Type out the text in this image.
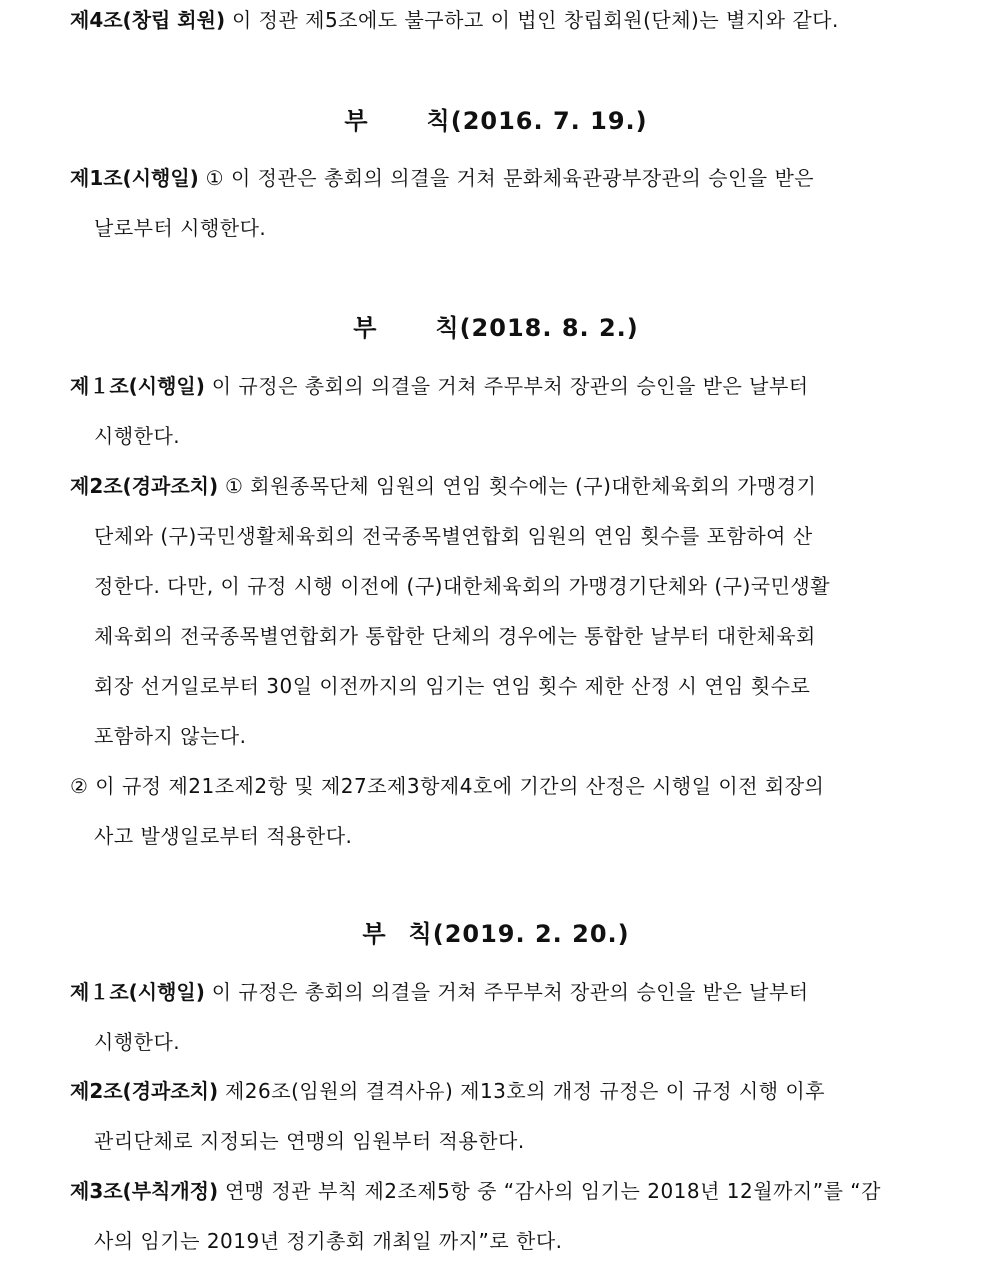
제4조(창립 회원) 이 정관 제5조에도 불구하고 이 법인 창립회원(단체)는 별지와 같다.
부 칙(2016. 7. 19.)
제1조(시행일) ① 이 정관은 총회의 의결을 거쳐 문화체육관광부장관의 승인을 받은
날로부터 시행한다.
부 칙(2018. 8. 2.)
제１조(시행일) 이 규정은 총회의 의결을 거쳐 주무부처 장관의 승인을 받은 날부터
시행한다.
제2조(경과조치) ① 회원종목단체 임원의 연임 횟수에는 (구)대한체육회의 가맹경기
단체와 (구)국민생활체육회의 전국종목별연합회 임원의 연임 횟수를 포함하여 산
정한다. 다만, 이 규정 시행 이전에 (구)대한체육회의 가맹경기단체와 (구)국민생활
체육회의 전국종목별연합회가 통합한 단체의 경우에는 통합한 날부터 대한체육회
회장 선거일로부터 30일 이전까지의 임기는 연임 횟수 제한 산정 시 연임 횟수로
포함하지 않는다.
② 이 규정 제21조제2항 및 제27조제3항제4호에 기간의 산정은 시행일 이전 회장의
사고 발생일로부터 적용한다.
부 칙(2019. 2. 20.)
제１조(시행일) 이 규정은 총회의 의결을 거쳐 주무부처 장관의 승인을 받은 날부터
시행한다.
제2조(경과조치) 제26조(임원의 결격사유) 제13호의 개정 규정은 이 규정 시행 이후
관리단체로 지정되는 연맹의 임원부터 적용한다.
제3조(부칙개정) 연맹 정관 부칙 제2조제5항 중 “감사의 임기는 2018년 12월까지”를 “감
사의 임기는 2019년 정기총회 개최일 까지”로 한다.
